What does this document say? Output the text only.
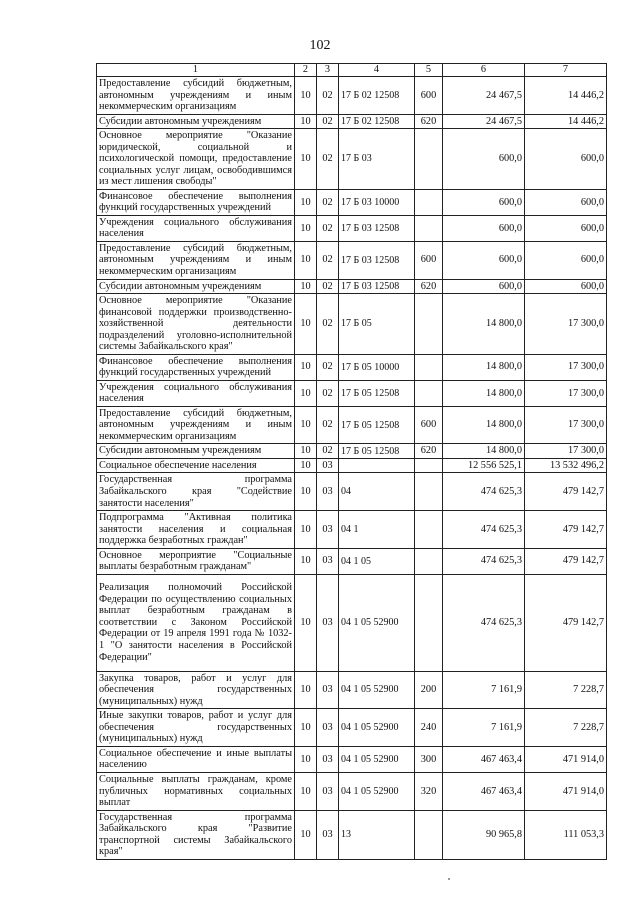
102
1	2	3	4	5	6	7
Предоставление субсидий бюджетным, автономным учреждениям и иным некоммерческим организациям	10	02	17 Б 02 12508	600	24 467,5	14 446,2
Субсидии автономным учреждениям	10	02	17 Б 02 12508	620	24 467,5	14 446,2
Основное мероприятие "Оказание юридической, социальной и психологической помощи, предоставление социальных услуг лицам, освободившимся из мест лишения свободы"	10	02	17 Б 03		600,0	600,0
Финансовое обеспечение выполнения функций государственных учреждений	10	02	17 Б 03 10000		600,0	600,0
Учреждения социального обслуживания населения	10	02	17 Б 03 12508		600,0	600,0
Предоставление субсидий бюджетным, автономным учреждениям и иным некоммерческим организациям	10	02	17 Б 03 12508	600	600,0	600,0
Субсидии автономным учреждениям	10	02	17 Б 03 12508	620	600,0	600,0
Основное мероприятие "Оказание финансовой поддержки производственно-хозяйственной деятельности подразделений уголовно-исполнительной системы Забайкальского края"	10	02	17 Б 05		14 800,0	17 300,0
Финансовое обеспечение выполнения функций государственных учреждений	10	02	17 Б 05 10000		14 800,0	17 300,0
Учреждения социального обслуживания населения	10	02	17 Б 05 12508		14 800,0	17 300,0
Предоставление субсидий бюджетным, автономным учреждениям и иным некоммерческим организациям	10	02	17 Б 05 12508	600	14 800,0	17 300,0
Субсидии автономным учреждениям	10	02	17 Б 05 12508	620	14 800,0	17 300,0
Социальное обеспечение населения	10	03			12 556 525,1	13 532 496,2
Государственная программа Забайкальского края "Содействие занятости населения"	10	03	04		474 625,3	479 142,7
Подпрограмма "Активная политика занятости населения и социальная поддержка безработных граждан"	10	03	04 1		474 625,3	479 142,7
Основное мероприятие "Социальные выплаты безработным гражданам"	10	03	04 1 05		474 625,3	479 142,7
Реализация полномочий Российской Федерации по осуществлению социальных выплат безработным гражданам в соответствии с Законом Российской Федерации от 19 апреля 1991 года № 1032-1 "О занятости населения в Российской Федерации"	10	03	04 1 05 52900		474 625,3	479 142,7
Закупка товаров, работ и услуг для обеспечения государственных (муниципальных) нужд	10	03	04 1 05 52900	200	7 161,9	7 228,7
Иные закупки товаров, работ и услуг для обеспечения государственных (муниципальных) нужд	10	03	04 1 05 52900	240	7 161,9	7 228,7
Социальное обеспечение и иные выплаты населению	10	03	04 1 05 52900	300	467 463,4	471 914,0
Социальные выплаты гражданам, кроме публичных нормативных социальных выплат	10	03	04 1 05 52900	320	467 463,4	471 914,0
Государственная программа Забайкальского края "Развитие транспортной системы Забайкальского края"	10	03	13		90 965,8	111 053,3
